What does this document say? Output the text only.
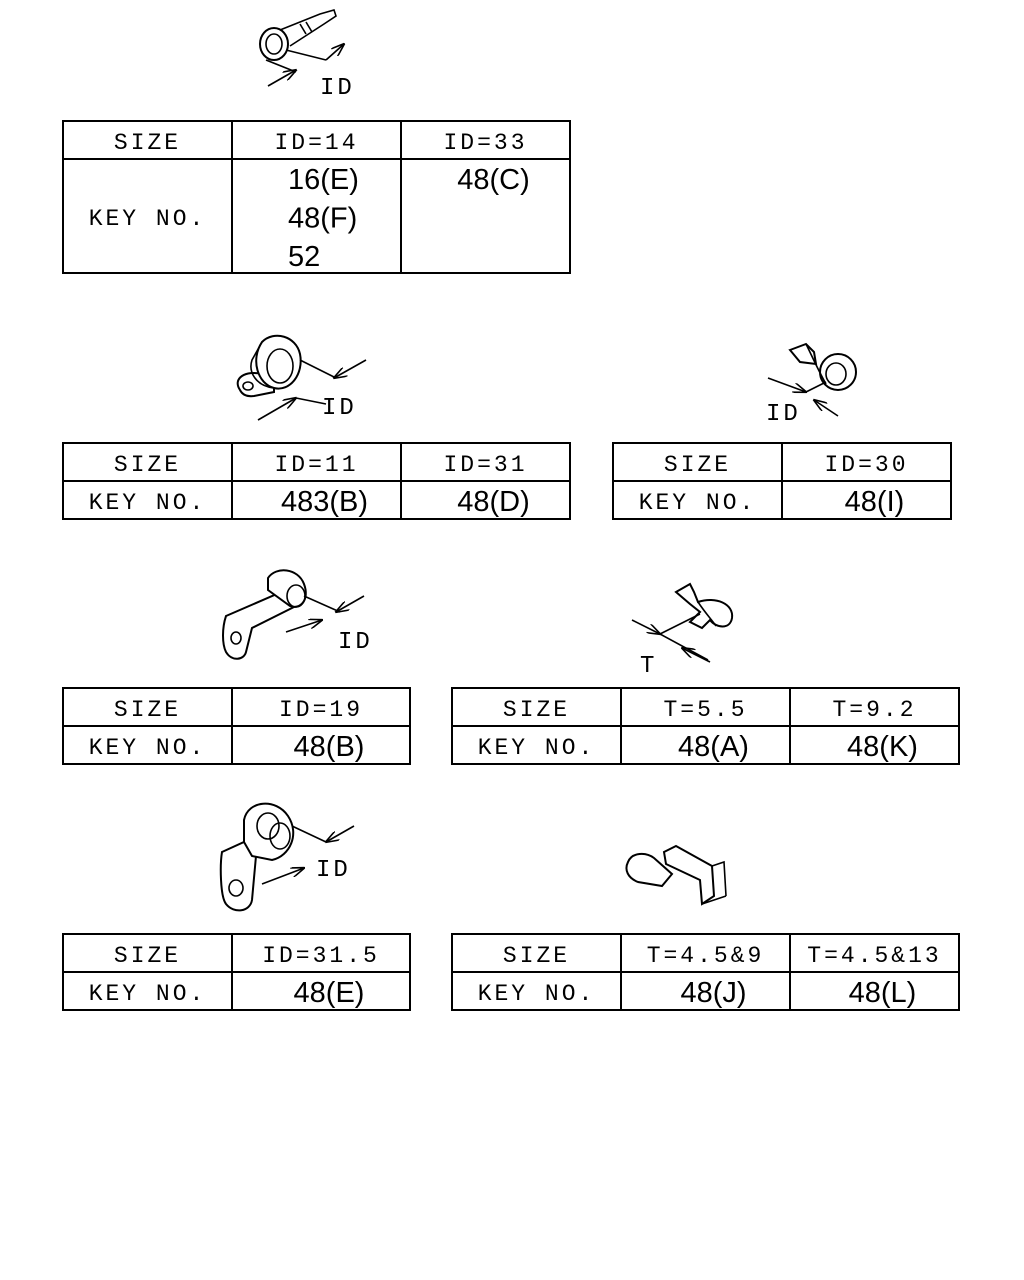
ID
ID	ID
ID
T
ID
SIZE
KEY NO.
ID=14
16(E)
48(F)
52
ID=33
48(C)
SIZE
KEY NO.
ID=11
483(B)
ID=31
48(D)
SIZE
KEY NO.
ID=30
48(I)
SIZE
KEY NO.
ID=19
48(B)
SIZE
KEY NO.
T=5.5
48(A)
T=9.2
48(K)
SIZE
KEY NO.
ID=31.5
48(E)
SIZE
KEY NO.
T=4.5&9
48(J)
T=4.5&13
48(L)
